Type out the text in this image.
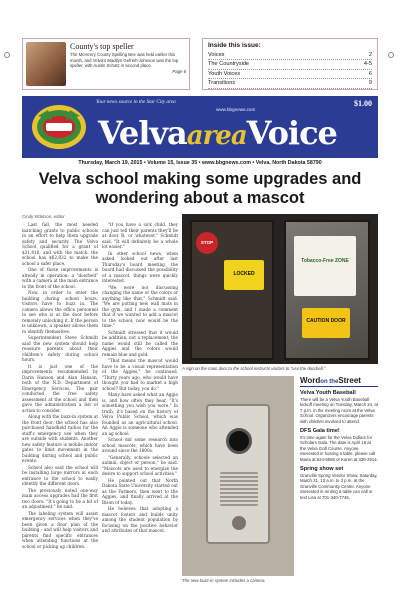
County's top speller
The McHenry County Spelling Bee was held earlier this month, and Velva's Madilyn Gefrieh-Johnson was the top speller, with Austin Schatz in second place.
Page 6
Inside this issue:
Voices	2
The Countryside	4-5
Youth Voices	6
Transitions	9
Your news source in the Star City area
www.bbgnews.com
$1.00
VelvaareaVoice
Thursday, March 19, 2015 • Volume 15, Issue 35 • www.bbgnews.com • Velva, North Dakota 58790
Velva school making some upgrades and wondering about a mascot
Cindy Kittelson, editor

Last fall, the most needed matching grants to public schools in an effort to help them upgrade safety and security. The Velva School qualified for a grant of $31,416, and with the match, the school has $62,832 to make the school a safer place.

One of those improvements is already in operation: a "doorbell" with a camera at the main entrance to the front of the school.

Now, in order to enter the building during school hours, visitors have to buzz in. The camera allows the office personnel to see who is at the door before remotely unlocking it. If the person is unknown, a speaker allows them to identify themselves.

Superintendent Steve Schmidt said the new system should help reassure parents about their children's safety during school hours.

It is just one of the improvements recommended by Darin Hanson and Alan Hanson, both of the N.D. Department of Emergency Services. The pair conducted the free safety assessment at the school and then gave the administration a list of action to consider.

Along with the buzz-in system at the front door, the school has also purchased handheld radios for the staff's emergency use when they are outside with students. Another new safety feature is mobile indoor gates to limit movement in the building during school and public events.

School also said the school will be installing large mirrors at each entrance to the school to easily identify the different doors.

The previously noted one-way main access upgrades had the first two doors: "It's going to be a bit of an adjustment," he said.

The labeling system will assist emergency services when they've been given a floor plan of the building - and will help visitors and parents find specific entrances when attending functions at the school or picking up children.

"If you have a sick child, they can just tell their parents they'll be at door B, or whatever," Schmidt said. "It will definitely be a whole lot easier."

In other school news, when asked looked out after last Thursday's board meeting, the board had discussed the possibility of a mascot, things were quickly interested.

"We were not discussing changing the name or the colors or anything like that," Schmidt said. "We are putting new wall mats in the gym, and I made a comment that if we wanted to add a mascot to the school, now would be the time."

Schmidt stressed that it would be addition, not a replacement; the name would still be called the Aggies and the colors would remain blue and gold.

"That means the mascot would have to be a visual representation of the Aggies," he continued. "Thirty years ago, who would have thought you had to market a high school? But today, you do."

Many have asked what an Aggie is, and how often they hear, "It's something you wish you were." In truth, it's based on the history of Velva Public School, which was founded as an agricultural school. An Aggie is someone who attended an ag school.

School did some research into school mascots, which have been around since the 1800s.

"Generally, schools selected an animal, object or person," he said. "Mascots are used to energize the desire to support school activities."

He pointed out that North Dakota State University started out as the Farmers, then went to the Aggies, and finally arrived at the Bison of today.

He believes that adopting a mascot fosters and builds unity among the student population by focusing on the positive behavior and attributes of that mascot.

STOP
LOCKED
Tobacco-Free ZONE
CAUTION DOOR
A sign on the main door to the school instructs visitors to "use the doorbell."
The new buzz-in system includes a camera.
Wordon theStreet
Velva Youth Baseball
There will be a Velva Youth Baseball kickoff meeting on Tuesday, March 24, at 7 p.m. in the meeting room at the Velva School. Organizers encourage parents with children involved to attend.
DFS Gala time!
It's time again for the Velva Dollars for Scholars Gala. The date is April 18 at the Velva Golf Course. Anyone interested in hosting a table, please call Maria at 624-5556 or Karen at 338-2914.
Spring show set
Granville Spring Vendor Show, Saturday, March 21, 10 a.m. to 3 p.m. at the Granville Community Center. Anyone interested in renting a table can call or text Lisa at 701-340-7745.
